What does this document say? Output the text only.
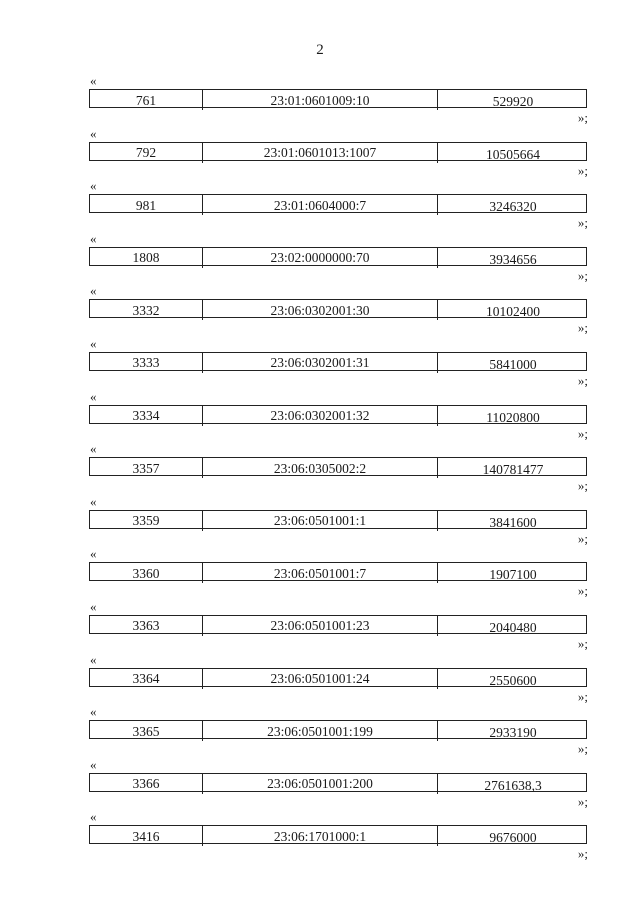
2
«
761	23:01:0601009:10	529920
»;
«
792	23:01:0601013:1007	10505664
»;
«
981	23:01:0604000:7	3246320
»;
«
1808	23:02:0000000:70	3934656
»;
«
3332	23:06:0302001:30	10102400
»;
«
3333	23:06:0302001:31	5841000
»;
«
3334	23:06:0302001:32	11020800
»;
«
3357	23:06:0305002:2	140781477
»;
«
3359	23:06:0501001:1	3841600
»;
«
3360	23:06:0501001:7	1907100
»;
«
3363	23:06:0501001:23	2040480
»;
«
3364	23:06:0501001:24	2550600
»;
«
3365	23:06:0501001:199	2933190
»;
«
3366	23:06:0501001:200	2761638,3
»;
«
3416	23:06:1701000:1	9676000
»;
